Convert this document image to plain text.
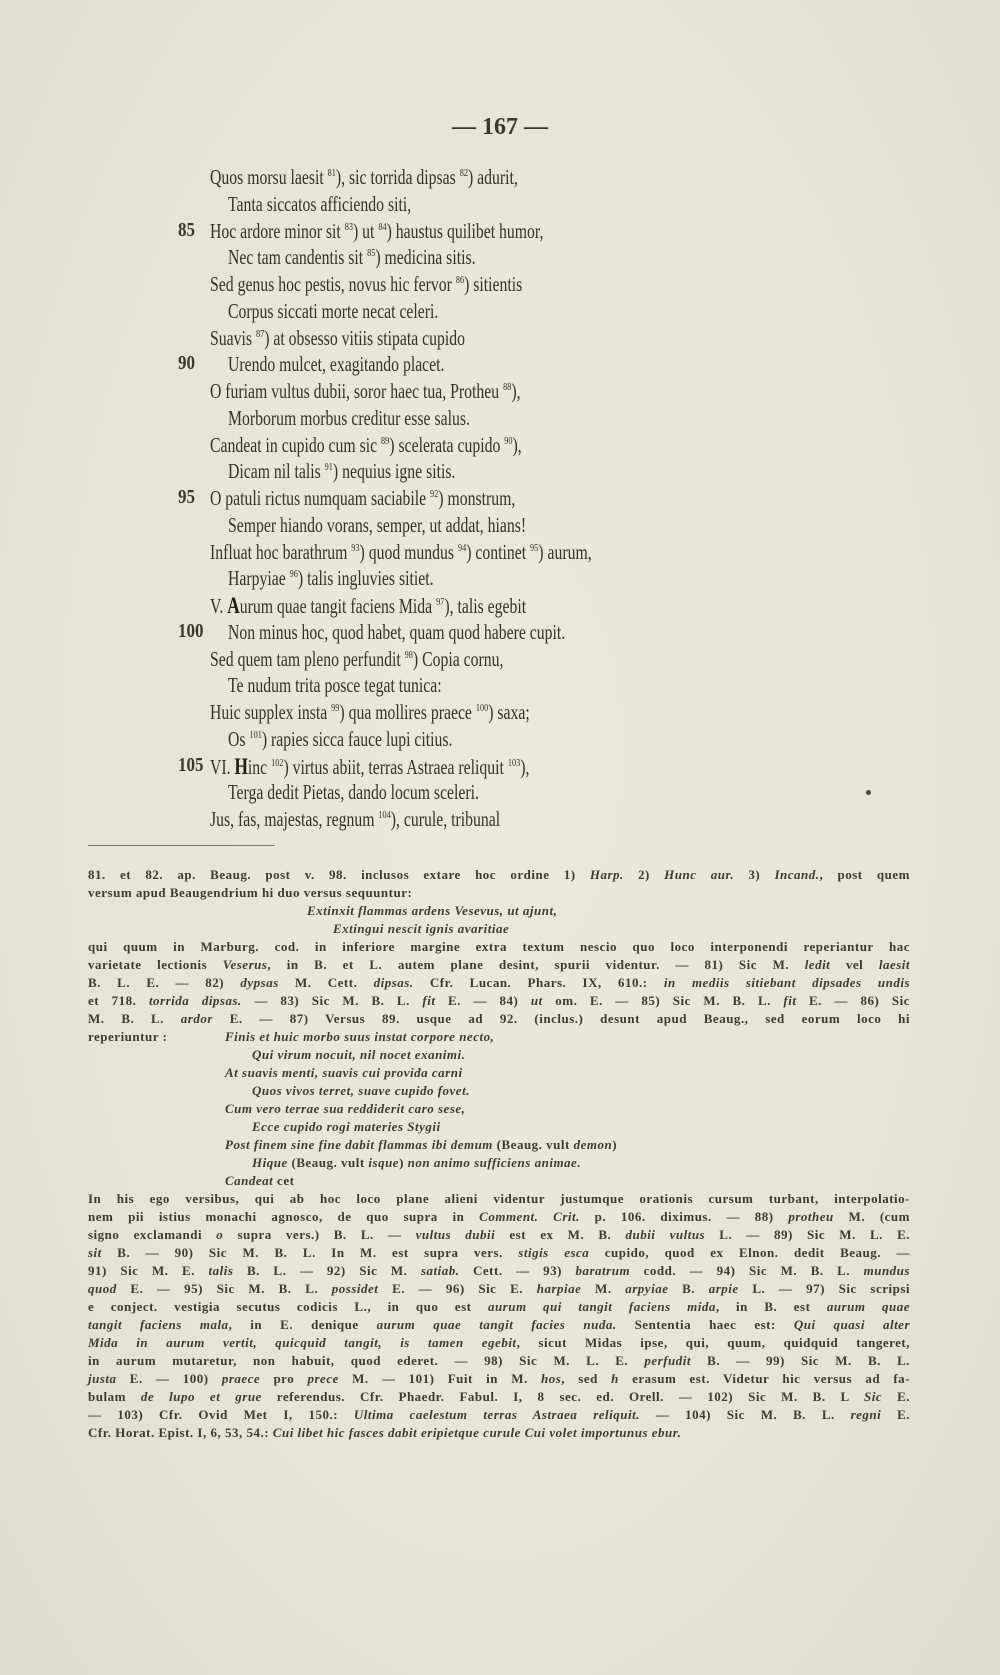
— 167 —
Quos morsu laesit $^{81}$), sic torrida dipsas $^{82}$) adurit,
Tanta siccatos afficiendo siti,
85 Hoc ardore minor sit $^{83}$) ut $^{84}$) haustus quilibet humor,
Nec tam candentis sit $^{85}$) medicina sitis.
Sed genus hoc pestis, novus hic fervor $^{86}$) sitientis
Corpus siccati morte necat celeri.
Suavis $^{87}$) at obsesso vitiis stipata cupido
90 Urendo mulcet, exagitando placet.
O furiam vultus dubii, soror haec tua, Protheu $^{88}$),
Morborum morbus creditur esse salus.
Candeat in cupido cum sic $^{89}$) scelerata cupido $^{90}$),
Dicam nil talis $^{91}$) nequius igne sitis.
95 O patuli rictus numquam saciabile $^{92}$) monstrum,
Semper hiando vorans, semper, ut addat, hians!
Influat hoc barathrum $^{93}$) quod mundus $^{94}$) continet $^{95}$) aurum,
Harpyiae $^{96}$) talis ingluvies sitiet.
V. Aurum quae tangit faciens Mida $^{97}$), talis egebit
100 Non minus hoc, quod habet, quam quod habere cupit.
Sed quem tam pleno perfundit $^{98}$) Copia cornu,
Te nudum trita posce tegat tunica:
Huic supplex insta $^{99}$) qua mollires praece $^{100}$) saxa;
Os $^{101}$) rapies sicca fauce lupi citius.
105 VI. Hinc $^{102}$) virtus abiit, terras Astraea reliquit $^{103}$),
Terga dedit Pietas, dando locum sceleri.
Jus, fas, majestas, regnum $^{104}$), curule, tribunal
81. et 82. ap. Beaug. post v. 98. inclusos extare hoc ordine 1) Harp. 2) Hunc aur. 3) Incand., post quem
versum apud Beaugendrium hi duo versus sequuntur:
Extinxit flammas ardens Vesevus, ut ajunt,
Extingui nescit ignis avaritiae
qui quum in Marburg. cod. in inferiore margine extra textum nescio quo loco interponendi reperiantur hac
varietate lectionis Veserus, in B. et L. autem plane desint, spurii videntur. — 81) Sic M. ledit vel laesit
B. L. E. — 82) dypsas M. Cett. dipsas. Cfr. Lucan. Phars. IX, 610.: in mediis sitiebant dipsades undis
et 718. torrida dipsas. — 83) Sic M. B. L. fit E. — 84) ut om. E. — 85) Sic M. B. L. fit E. — 86) Sic
M. B. L. ardor E. — 87) Versus 89. usque ad 92. (inclus.) desunt apud Beaug., sed eorum loco hi
reperiuntur :	Finis et huic morbo suus instat corpore necto,
Qui virum nocuit, nil nocet exanimi.
At suavis menti, suavis cui provida carni
Quos vivos terret, suave cupido fovet.
Cum vero terrae sua reddiderit caro sese,
Ecce cupido rogi materies Stygii
Post finem sine fine dabit flammas ibi demum (Beaug. vult demon)
Hique (Beaug. vult isque) non animo sufficiens animae.
Candeat cet
In his ego versibus, qui ab hoc loco plane alieni videntur justumque orationis cursum turbant, interpolatio-
nem pii istius monachi agnosco, de quo supra in Comment. Crit. p. 106. diximus. — 88) protheu M. (cum
signo exclamandi o supra vers.) B. L. — vultus dubii est ex M. B. dubii vultus L. — 89) Sic M. L. E.
sit B. — 90) Sic M. B. L. In M. est supra vers. stigis esca cupido, quod ex Elnon. dedit Beaug. —
91) Sic M. E. talis B. L. — 92) Sic M. satiab. Cett. — 93) baratrum codd. — 94) Sic M. B. L. mundus
quod E. — 95) Sic M. B. L. possidet E. — 96) Sic E. harpiae M. arpyiae B. arpie L. — 97) Sic scripsi
e conject. vestigia secutus codicis L., in quo est aurum qui tangit faciens mida, in B. est aurum quae
tangit faciens mala, in E. denique aurum quae tangit facies nuda. Sententia haec est: Qui quasi alter
Mida in aurum vertit, quicquid tangit, is tamen egebit, sicut Midas ipse, qui, quum, quidquid tangeret,
in aurum mutaretur, non habuit, quod ederet. — 98) Sic M. L. E. perfudit B. — 99) Sic M. B. L.
justa E. — 100) praece pro prece M. — 101) Fuit in M. hos, sed h erasum est. Videtur hic versus ad fa-
bulam de lupo et grue referendus. Cfr. Phaedr. Fabul. I, 8 sec. ed. Orell. — 102) Sic M. B. L Sic E.
— 103) Cfr. Ovid Met I, 150.: Ultima caelestum terras Astraea reliquit. — 104) Sic M. B. L. regni E.
Cfr. Horat. Epist. I, 6, 53, 54.: Cui libet hic fasces dabit eripietque curule Cui volet importunus ebur.
